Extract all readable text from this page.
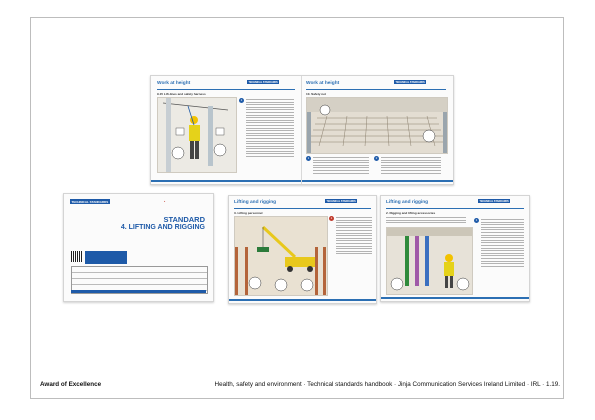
Work at height	TECHNICAL STANDARDS
9.15 Lift-lines and safety harness
1
Work at height	TECHNICAL STANDARDS
10. Safety net
1	2
TECHNICAL STANDARDS	●
STANDARD
4. LIFTING AND RIGGING
Lifting and rigging	TECHNICAL STANDARDS
3. Lifting personnel
1
Lifting and rigging	TECHNICAL STANDARDS
2. Rigging and lifting accessories
1
Award of Excellence	Health, safety and environment · Technical standards handbook · Jinja Communication Services Ireland Limited · IRL · 1.19.
